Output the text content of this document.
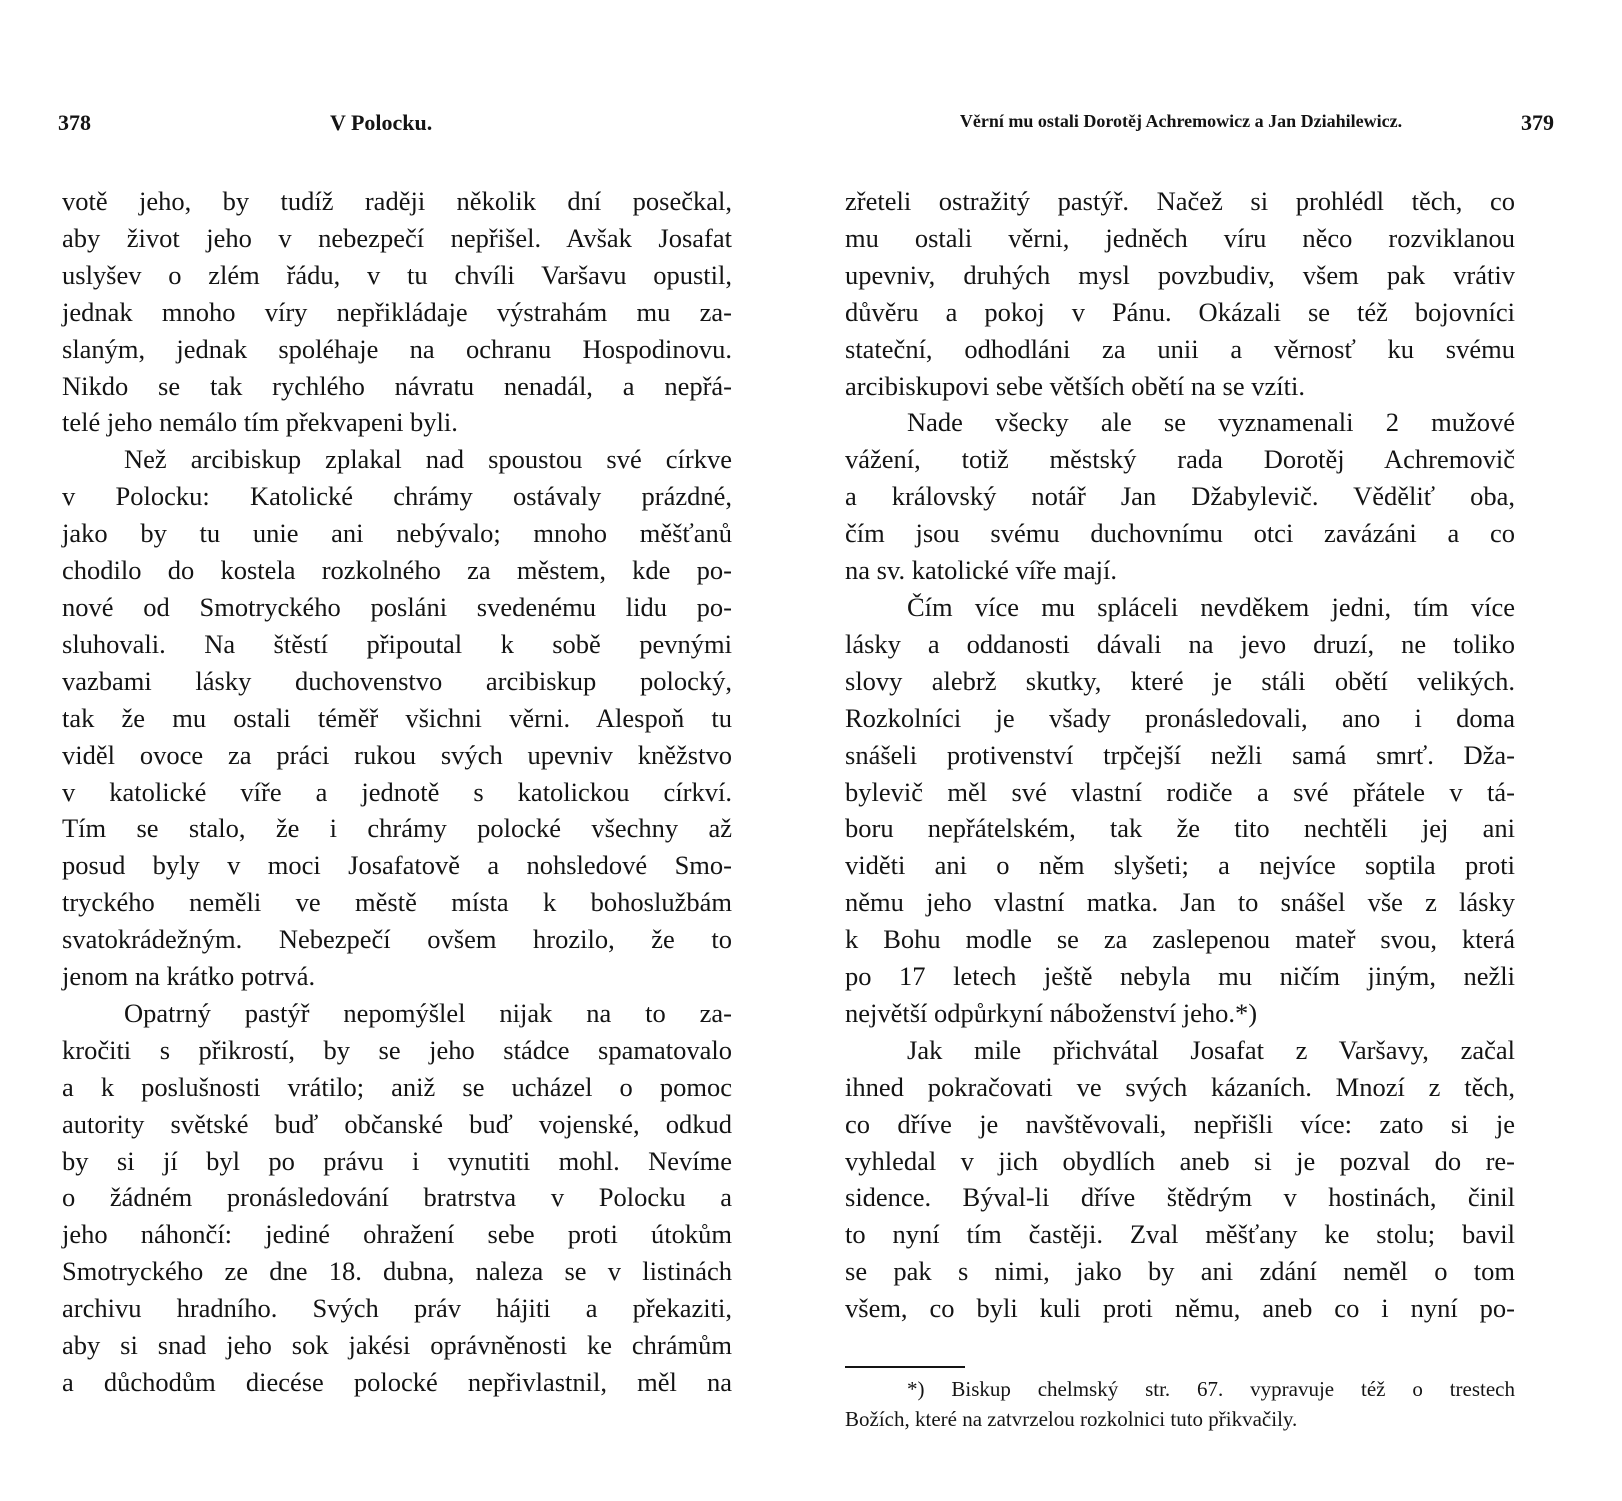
378	V Polocku.
votě jeho, by tudíž raději několik dní posečkal,
aby život jeho v nebezpečí nepřišel. Avšak Josafat
uslyšev o zlém řádu, v tu chvíli Varšavu opustil,
jednak mnoho víry nepřikládaje výstrahám mu za-
slaným, jednak spoléhaje na ochranu Hospodinovu.
Nikdo se tak rychlého návratu nenadál, a nepřá-
telé jeho nemálo tím překvapeni byli.
Než arcibiskup zplakal nad spoustou své církve
v Polocku: Katolické chrámy ostávaly prázdné,
jako by tu unie ani nebývalo; mnoho měšťanů
chodilo do kostela rozkolného za městem, kde po-
nové od Smotryckého posláni svedenému lidu po-
sluhovali. Na štěstí připoutal k sobě pevnými
vazbami lásky duchovenstvo arcibiskup polocký,
tak že mu ostali téměř všichni věrni. Alespoň tu
viděl ovoce za práci rukou svých upevniv kněžstvo
v katolické víře a jednotě s katolickou církví.
Tím se stalo, že i chrámy polocké všechny až
posud byly v moci Josafatově a nohsledové Smo-
tryckého neměli ve městě místa k bohoslužbám
svatokrádežným. Nebezpečí ovšem hrozilo, že to
jenom na krátko potrvá.
Opatrný pastýř nepomýšlel nijak na to za-
kročiti s přikrostí, by se jeho stádce spamatovalo
a k poslušnosti vrátilo; aniž se ucházel o pomoc
autority světské buď občanské buď vojenské, odkud
by si jí byl po právu i vynutiti mohl. Nevíme
o žádném pronásledování bratrstva v Polocku a
jeho náhončí: jediné ohražení sebe proti útokům
Smotryckého ze dne 18. dubna, naleza se v listinách
archivu hradního. Svých práv hájiti a překaziti,
aby si snad jeho sok jakési oprávněnosti ke chrámům
a důchodům diecése polocké nepřivlastnil, měl na
Věrní mu ostali Dorotěj Achremowicz a Jan Dziahilewicz.	379
zřeteli ostražitý pastýř. Načež si prohlédl těch, co
mu ostali věrni, jedněch víru něco rozviklanou
upevniv, druhých mysl povzbudiv, všem pak vrátiv
důvěru a pokoj v Pánu. Okázali se též bojovníci
stateční, odhodláni za unii a věrnosť ku svému
arcibiskupovi sebe větších obětí na se vzíti.
Nade všecky ale se vyznamenali 2 mužové
vážení, totiž městský rada Dorotěj Achremovič
a královský notář Jan Džabylevič. Věděliť oba,
čím jsou svému duchovnímu otci zavázáni a co
na sv. katolické víře mají.
Čím více mu spláceli nevděkem jedni, tím více
lásky a oddanosti dávali na jevo druzí, ne toliko
slovy alebrž skutky, které je stáli obětí velikých.
Rozkolníci je všady pronásledovali, ano i doma
snášeli protivenství trpčejší nežli samá smrť. Dža-
bylevič měl své vlastní rodiče a své přátele v tá-
boru nepřátelském, tak že tito nechtěli jej ani
viděti ani o něm slyšeti; a nejvíce soptila proti
němu jeho vlastní matka. Jan to snášel vše z lásky
k Bohu modle se za zaslepenou mateř svou, která
po 17 letech ještě nebyla mu ničím jiným, nežli
největší odpůrkyní náboženství jeho.*)
Jak mile přichvátal Josafat z Varšavy, začal
ihned pokračovati ve svých kázaních. Mnozí z těch,
co dříve je navštěvovali, nepřišli více: zato si je
vyhledal v jich obydlích aneb si je pozval do re-
sidence. Býval-li dříve štědrým v hostinách, činil
to nyní tím častěji. Zval měšťany ke stolu; bavil
se pak s nimi, jako by ani zdání neměl o tom
všem, co byli kuli proti němu, aneb co i nyní po-
*) Biskup chelmský str. 67. vypravuje též o trestech
Božích, které na zatvrzelou rozkolnici tuto přikvačily.
